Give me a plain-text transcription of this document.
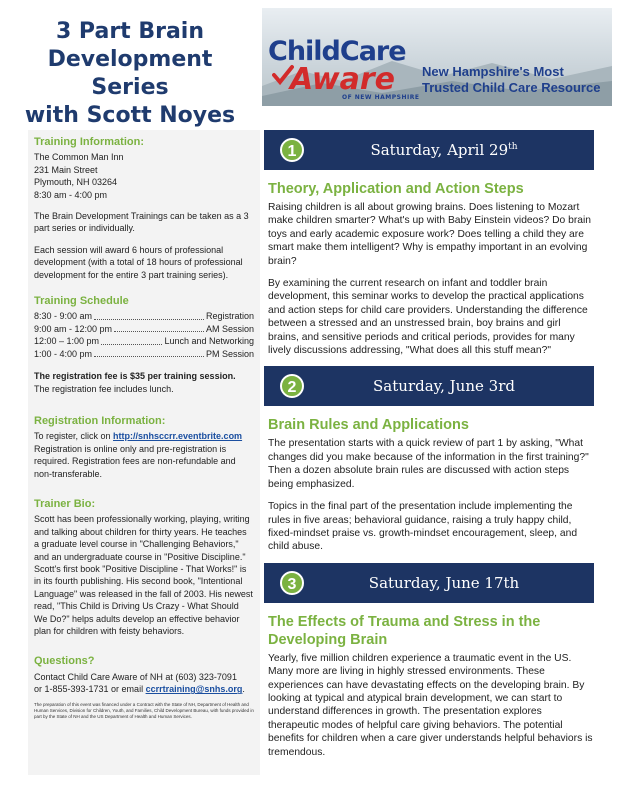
3 Part Brain
Development Series
with Scott Noyes
ChildCare
Aware
OF NEW HAMPSHIRE
New Hampshire's Most
Trusted Child Care Resource
Training Information:

The Common Man Inn
231 Main Street
Plymouth, NH 03264
8:30 am - 4:00 pm

The Brain Development Trainings can be taken as a 3 part series or individually.

Each session will award 6 hours of professional development (with a total of 18 hours of professional development for the entire 3 part training series).

Training Schedule
8:30 - 9:00 am	Registration
9:00 am - 12:00 pm	AM Session
12:00 – 1:00 pm	Lunch and Networking
1:00 - 4:00 pm	PM Session

The registration fee is $35 per training session.
The registration fee includes lunch.

Registration Information:

To register, click on http://snhsccrr.eventbrite.com
Registration is online only and pre-registration is required. Registration fees are non-refundable and non-transferable.

Trainer Bio:

Scott has been professionally working, playing, writing and talking about children for thirty years. He teaches a graduate level course in "Challenging Behaviors," and an undergraduate course in "Positive Discipline." Scott's first book "Positive Discipline - That Works!" is in its fourth publishing. His second book, "Intentional Language" was released in the fall of 2003. His newest read, "This Child is Driving Us Crazy - What Should We Do?" helps adults develop an effective behavior plan for children with feisty behaviors.

Questions?

Contact Child Care Aware of NH at (603) 323-7091
or 1-855-393-1731 or email ccrrtraining@snhs.org.

The preparation of this event was financed under a Contract with the State of NH, Department of Health and Human Services, Division for Children, Youth, and Families, Child Development Bureau, with funds provided in part by the State of NH and the US Department of Health and Human Services.
1	Saturday, April 29th
Theory, Application and Action Steps

Raising children is all about growing brains. Does listening to Mozart make children smarter? What's up with Baby Einstein videos? Do brain toys and early academic exposure work? Does telling a child they are smart make them intelligent? Why is empathy important in an evolving brain?

By examining the current research on infant and toddler brain development, this seminar works to develop the practical applications and action steps for child care providers. Understanding the difference between a stressed and an unstressed brain, boy brains and girl brains, and sensitive periods and critical periods, provides for many lively discussions addressing, "What does all this stuff mean?"

2	Saturday, June 3rd
Brain Rules and Applications

The presentation starts with a quick review of part 1 by asking, "What changes did you make because of the information in the first training?" Then a dozen absolute brain rules are discussed with action steps being emphasized.

Topics in the final part of the presentation include implementing the rules in five areas; behavioral guidance, raising a truly happy child, fixed-mindset praise vs. growth-mindset encouragement, sleep, and child abuse.

3	Saturday, June 17th
The Effects of Trauma and Stress in the Developing Brain

Yearly, five million children experience a traumatic event in the US. Many more are living in highly stressed environments. These experiences can have devastating effects on the developing brain. By looking at typical and atypical brain development, we can start to understand differences in growth. The presentation explores therapeutic modes of helpful care giving behaviors. The potential benefits for children when a care giver understands helpful behaviors is tremendous.
